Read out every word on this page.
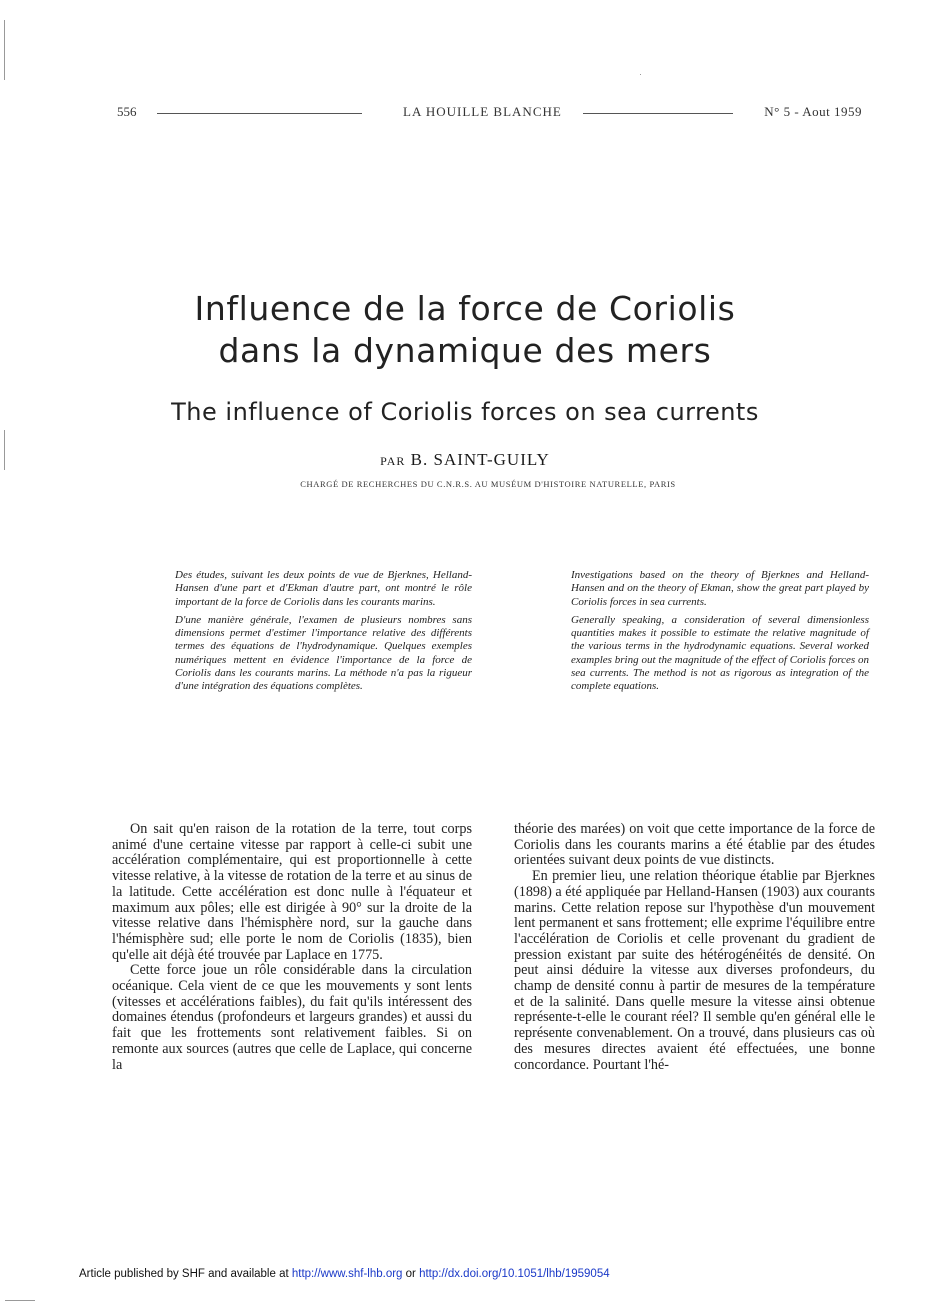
556	LA HOUILLE BLANCHE	N° 5 - Aout 1959
Influence de la force de Coriolis
dans la dynamique des mers
The influence of Coriolis forces on sea currents
PAR B. SAINT-GUILY
CHARGÉ DE RECHERCHES DU C.N.R.S. AU MUSÉUM D'HISTOIRE NATURELLE, PARIS

Des études, suivant les deux points de vue de Bjerknes, Helland-Hansen d'une part et d'Ekman d'autre part, ont montré le rôle important de la force de Coriolis dans les courants marins.

D'une manière générale, l'examen de plusieurs nombres sans dimensions permet d'estimer l'importance relative des différents termes des équations de l'hydrodynamique. Quelques exemples numériques mettent en évidence l'importance de la force de Coriolis dans les courants marins. La méthode n'a pas la rigueur d'une intégration des équations complètes.

Investigations based on the theory of Bjerknes and Helland-Hansen and on the theory of Ekman, show the great part played by Coriolis forces in sea currents.

Generally speaking, a consideration of several dimensionless quantities makes it possible to estimate the relative magnitude of the various terms in the hydrodynamic equations. Several worked examples bring out the magnitude of the effect of Coriolis forces on sea currents. The method is not as rigorous as integration of the complete equations.

On sait qu'en raison de la rotation de la terre, tout corps animé d'une certaine vitesse par rapport à celle-ci subit une accélération complémentaire, qui est proportionnelle à cette vitesse relative, à la vitesse de rotation de la terre et au sinus de la latitude. Cette accélération est donc nulle à l'équateur et maximum aux pôles; elle est dirigée à 90° sur la droite de la vitesse relative dans l'hémisphère nord, sur la gauche dans l'hémisphère sud; elle porte le nom de Coriolis (1835), bien qu'elle ait déjà été trouvée par Laplace en 1775.

Cette force joue un rôle considérable dans la circulation océanique. Cela vient de ce que les mouvements y sont lents (vitesses et accélérations faibles), du fait qu'ils intéressent des domaines étendus (profondeurs et largeurs grandes) et aussi du fait que les frottements sont relativement faibles. Si on remonte aux sources (autres que celle de Laplace, qui concerne la

théorie des marées) on voit que cette importance de la force de Coriolis dans les courants marins a été établie par des études orientées suivant deux points de vue distincts.

En premier lieu, une relation théorique établie par Bjerknes (1898) a été appliquée par Helland-Hansen (1903) aux courants marins. Cette relation repose sur l'hypothèse d'un mouvement lent permanent et sans frottement; elle exprime l'équilibre entre l'accélération de Coriolis et celle provenant du gradient de pression existant par suite des hétérogénéités de densité. On peut ainsi déduire la vitesse aux diverses profondeurs, du champ de densité connu à partir de mesures de la température et de la salinité. Dans quelle mesure la vitesse ainsi obtenue représente-t-elle le courant réel? Il semble qu'en général elle le représente convenablement. On a trouvé, dans plusieurs cas où des mesures directes avaient été effectuées, une bonne concordance. Pourtant l'hé-

Article published by SHF and available at http://www.shf-lhb.org or http://dx.doi.org/10.1051/lhb/1959054
